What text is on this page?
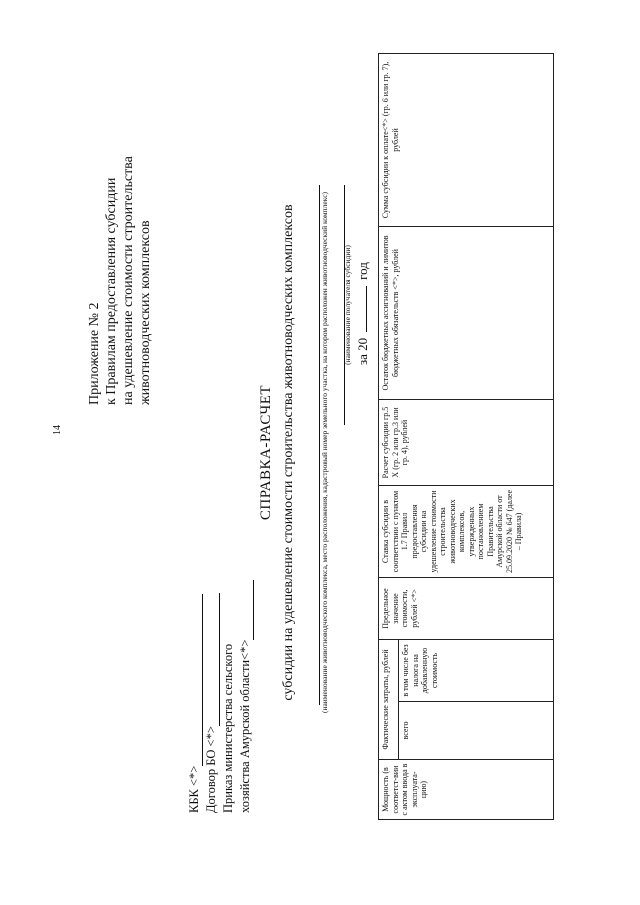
14
Приложение № 2 к Правилам предоставления субсидии на удешевление стоимости строительства животноводческих комплексов
КБК <*> Договор БО <*> Приказ министерства сельского хозяйства Амурской области<*>
СПРАВКА-РАСЧЕТ субсидии на удешевление стоимости строительства животноводческих комплексов	(наименование животноводческого комплекса, место расположения, кадастровый номер земельного участка, на котором расположен животноводческий комплекс) (наименование получателя субсидии) за 20год
Мощность (в соответст-вии с актом ввода в эксплуата-цию)	Фактические затраты, рублей		Предельное значение стоимости, рублей <*>	Ставка субсидии в соответствии с пунктом 1.7 Правил предоставления субсидии на удешевление стоимости строительства животноводческих комплексов, утвержденных постановлением Правительства Амурской области от 25.09.2020 № 647 (далее – Правила)	Расчет субсидии гр.5 Х (гр. 2 или гр.3 или гр. 4), рублей	Остаток бюджетных ассигнований и лимитов бюджетных обязательств <*>, рублей	Сумма субсидии к оплате<*> (гр. 6 или гр. 7), рублей
	всего	в том числе без налога на добавленную стоимость					
